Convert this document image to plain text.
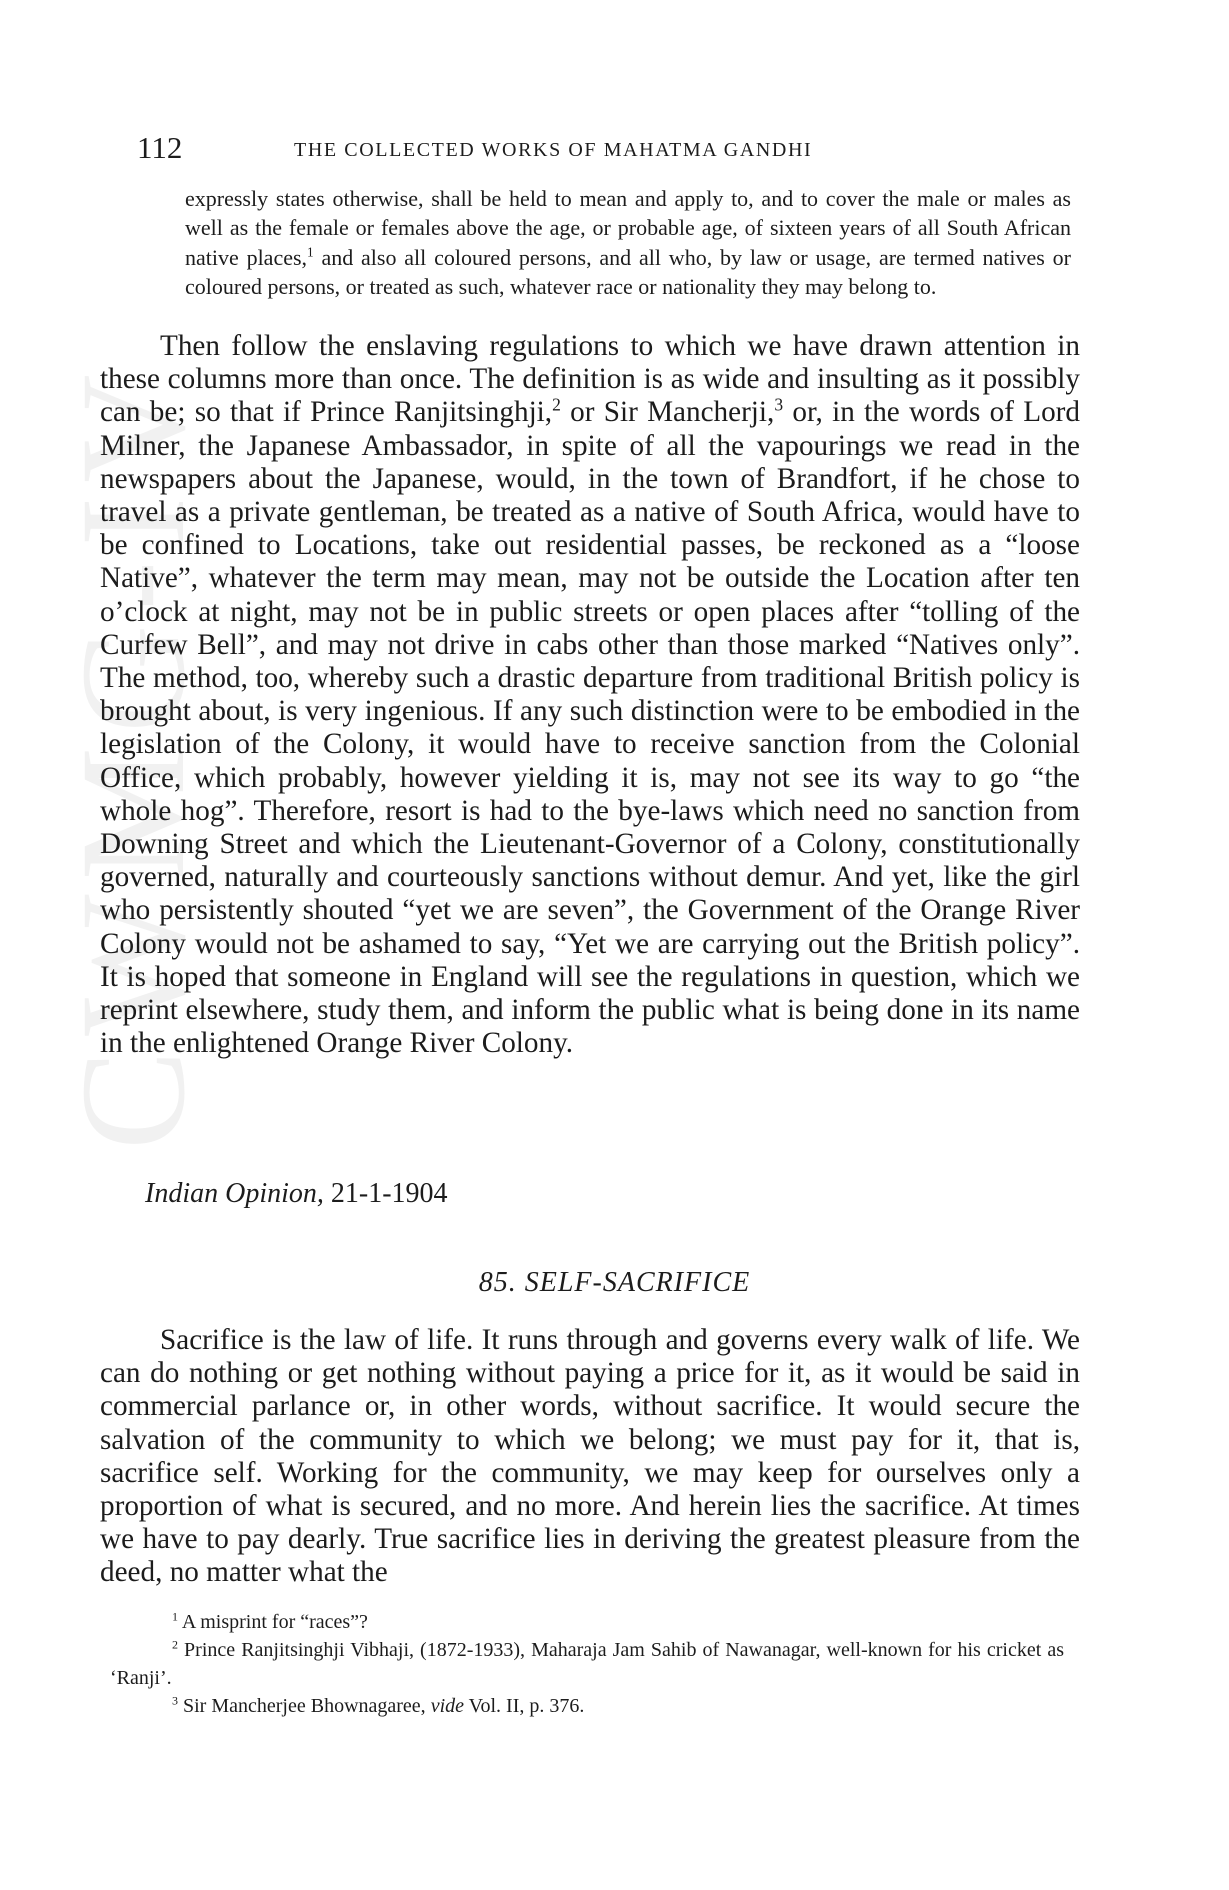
CWMG-IV
112	THE COLLECTED WORKS OF MAHATMA GANDHI

expressly states otherwise, shall be held to mean and apply to, and to cover the male or males as well as the female or females above the age, or probable age, of sixteen years of all South African native places,$^1$ and also all coloured persons, and all who, by law or usage, are termed natives or coloured persons, or treated as such, whatever race or nationality they may belong to.

Then follow the enslaving regulations to which we have drawn attention in these columns more than once. The definition is as wide and insulting as it possibly can be; so that if Prince Ranjitsinghji,$^2$ or Sir Mancherji,$^3$ or, in the words of Lord Milner, the Japanese Ambassador, in spite of all the vapourings we read in the newspapers about the Japanese, would, in the town of Brandfort, if he chose to travel as a private gentleman, be treated as a native of South Africa, would have to be confined to Locations, take out residential passes, be reckoned as a “loose Native”, whatever the term may mean, may not be outside the Location after ten o’clock at night, may not be in public streets or open places after “tolling of the Curfew Bell”, and may not drive in cabs other than those marked “Natives only”. The method, too, whereby such a drastic departure from traditional British policy is brought about, is very ingenious. If any such distinction were to be embodied in the legislation of the Colony, it would have to receive sanction from the Colonial Office, which probably, however yielding it is, may not see its way to go “the whole hog”. Therefore, resort is had to the bye-laws which need no sanction from Downing Street and which the Lieutenant-Governor of a Colony, constitutionally governed, naturally and courteously sanctions without demur. And yet, like the girl who persistently shouted “yet we are seven”, the Government of the Orange River Colony would not be ashamed to say, “Yet we are carrying out the British policy”. It is hoped that someone in England will see the regulations in question, which we reprint elsewhere, study them, and inform the public what is being done in its name in the enlightened Orange River Colony.

Indian Opinion, 21-1-1904
85. SELF-SACRIFICE

Sacrifice is the law of life. It runs through and governs every walk of life. We can do nothing or get nothing without paying a price for it, as it would be said in commercial parlance or, in other words, without sacrifice. It would secure the salvation of the community to which we belong; we must pay for it, that is, sacrifice self. Working for the community, we may keep for ourselves only a proportion of what is secured, and no more. And herein lies the sacrifice. At times we have to pay dearly. True sacrifice lies in deriving the greatest pleasure from the deed, no matter what the

$^1$ A misprint for “races”?

$^2$ Prince Ranjitsinghji Vibhaji, (1872-1933), Maharaja Jam Sahib of Nawanagar, well-known for his cricket as ‘Ranji’.

$^3$ Sir Mancherjee Bhownagaree, vide Vol. II, p. 376.
